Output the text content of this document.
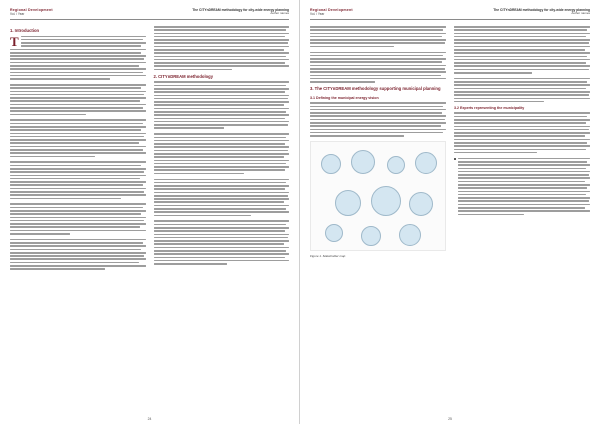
Regional Development
Vol. / Year
The CITYnDREAM methodology for city-wide energy planning
Author names
1. Introduction
T
2. CITYnDREAM methodology
24
Regional Development
Vol. / Year
The CITYnDREAM methodology for city-wide energy planning
Author names
3. The CITYnDREAM methodology supporting municipal planning
3.1 Defining the municipal energy vision
Figure 1. Stakeholder map
3.2 Experts representing the municipality
25
